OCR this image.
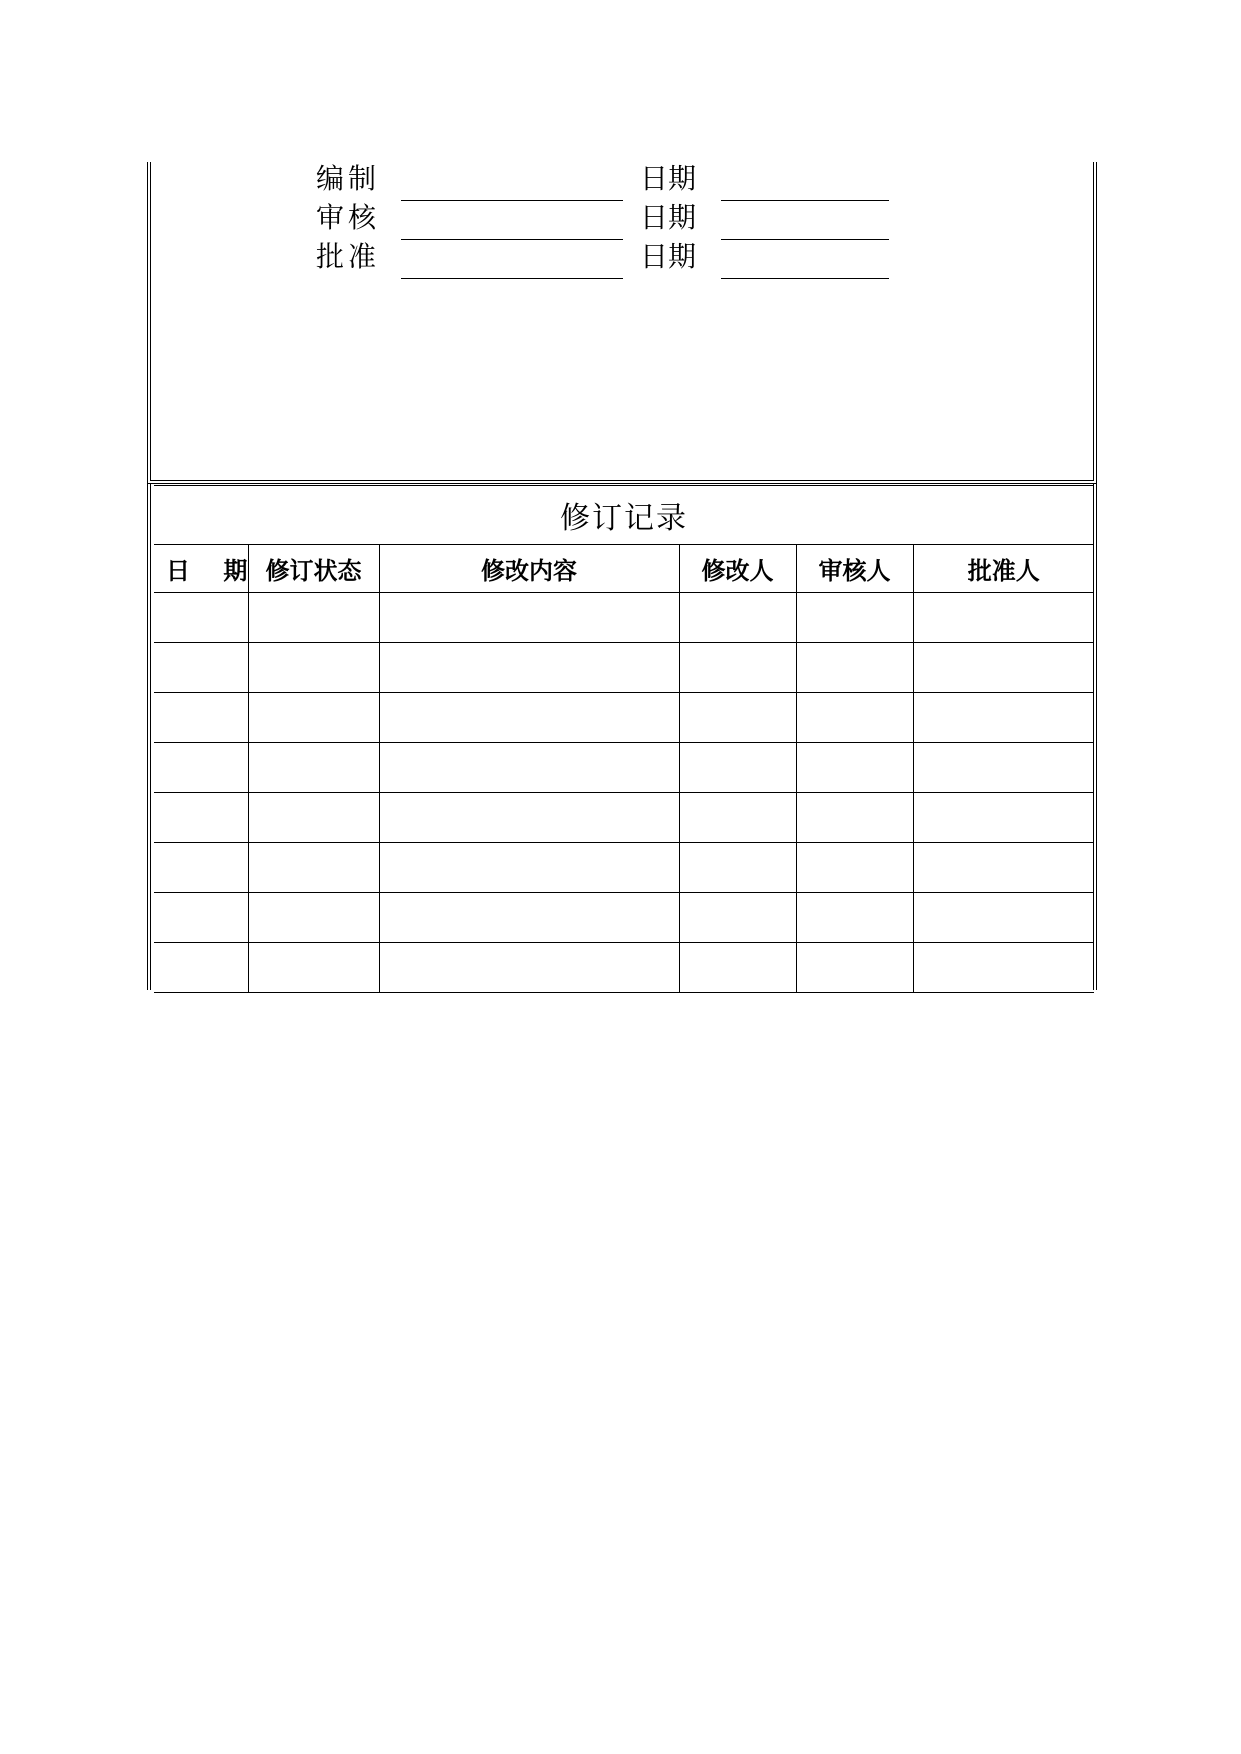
编制	日期
审核	日期
批准	日期
修订记录					
日    期	修订状态	修改内容	修改人	审核人	批准人
